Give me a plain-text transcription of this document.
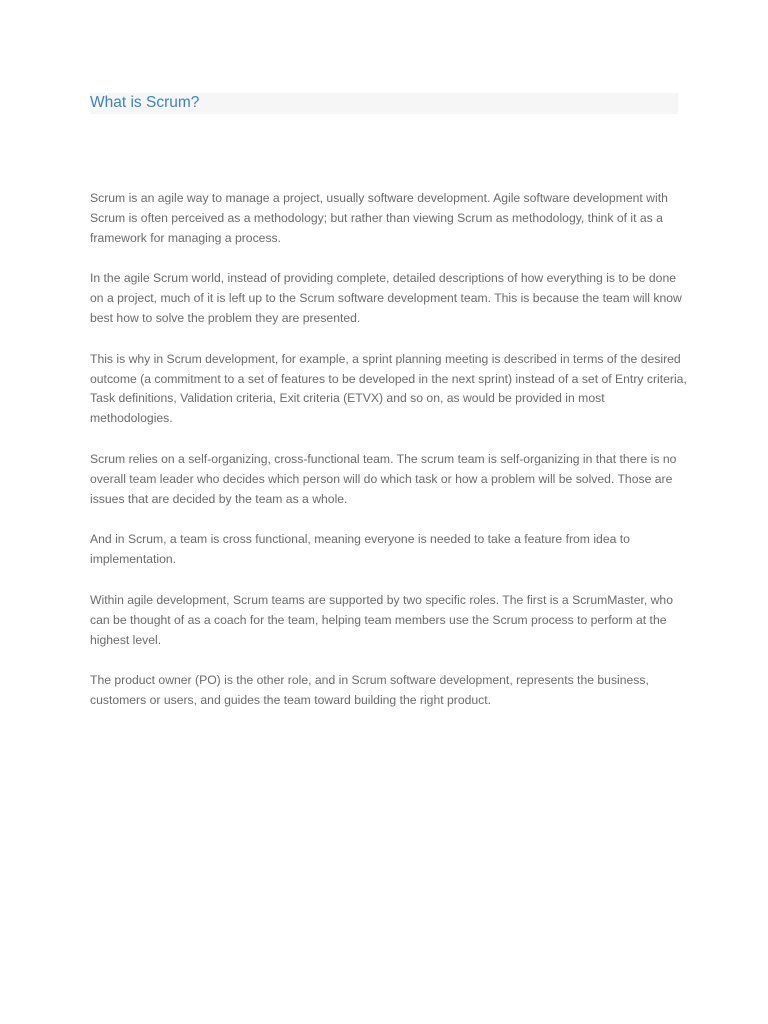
What is Scrum?

Scrum is an agile way to manage a project, usually software development. Agile software development with Scrum is often perceived as a methodology; but rather than viewing Scrum as methodology, think of it as a framework for managing a process.

In the agile Scrum world, instead of providing complete, detailed descriptions of how everything is to be done on a project, much of it is left up to the Scrum software development team. This is because the team will know best how to solve the problem they are presented.

This is why in Scrum development, for example, a sprint planning meeting is described in terms of the desired outcome (a commitment to a set of features to be developed in the next sprint) instead of a set of Entry criteria, Task definitions, Validation criteria, Exit criteria (ETVX) and so on, as would be provided in most methodologies.

Scrum relies on a self-organizing, cross-functional team. The scrum team is self-organizing in that there is no overall team leader who decides which person will do which task or how a problem will be solved. Those are issues that are decided by the team as a whole.

And in Scrum, a team is cross functional, meaning everyone is needed to take a feature from idea to implementation.

Within agile development, Scrum teams are supported by two specific roles. The first is a ScrumMaster, who can be thought of as a coach for the team, helping team members use the Scrum process to perform at the highest level.

The product owner (PO) is the other role, and in Scrum software development, represents the business, customers or users, and guides the team toward building the right product.
